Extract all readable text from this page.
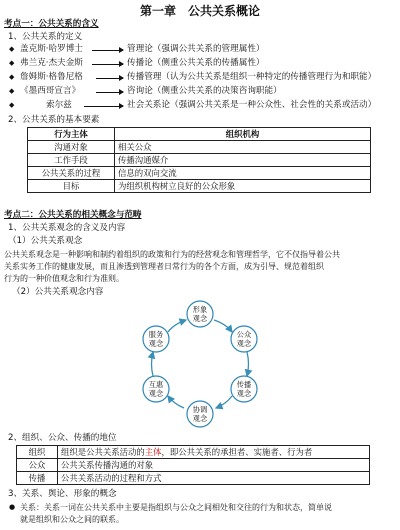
第一章　公共关系概论
考点一：公共关系的含义
1、公共关系的定义
◆ 盖克斯·哈罗博士	管理论（强调公共关系的管理属性）
◆ 弗兰克·杰夫金斯	传播论（侧重公共关系的传播属性）
◆ 詹姆斯·格鲁尼格	传播管理（认为公共关系是组织一种特定的传播管理行为和职能）
◆ 《墨西哥宣言》	咨询论（侧重公共关系的决策咨询职能）
◆	索尔兹	社会关系论（强调公共关系是一种公众性、社会性的关系或活动）
2、公共关系的基本要素
行为主体	组织机构
沟通对象	相关公众
工作手段	传播沟通媒介
公共关系的过程	信息的双向交流
目标	为组织机构树立良好的公众形象
考点二：公共关系的相关概念与范畴
1、公共关系观念的含义及内容
（1）公共关系观念
公共关系观念是一种影响和制约着组织的政策和行为的经营观念和管理哲学，它不仅指导着公共
关系实务工作的健康发展，而且渗透到管理者日常行为的各个方面，成为引导、规范着组织
行为的一种价值观念和行为准则。
（2）公共关系观念内容
形象
观念
公众
观念
传播
观念
协调
观念
互惠
观念
服务
观念
2、组织、公众、传播的地位
组织	组织是公共关系活动的主体，即公共关系的承担者、实施者、行为者
公众	公共关系传播沟通的对象
传播	公共关系活动的过程和方式
3、关系、舆论、形象的概念
● 关系：关系一词在公共关系中主要是指组织与公众之间相处和交往的行为和状态，简单说
就是组织和公众之间的联系。
